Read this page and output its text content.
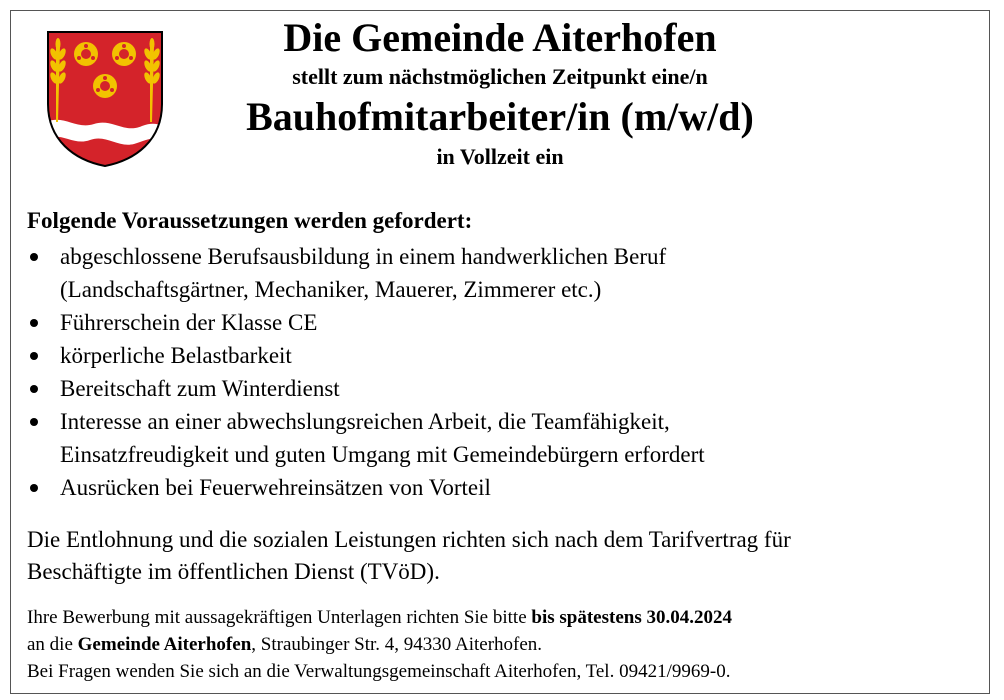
Die Gemeinde Aiterhofen

stellt zum nächstmöglichen Zeitpunkt eine/n

Bauhofmitarbeiter/in (m/w/d)

in Vollzeit ein

Folgende Voraussetzungen werden gefordert:

abgeschlossene Berufsausbildung in einem handwerklichen Beruf
(Landschaftsgärtner, Mechaniker, Mauerer, Zimmerer etc.)
Führerschein der Klasse CE
körperliche Belastbarkeit
Bereitschaft zum Winterdienst
Interesse an einer abwechslungsreichen Arbeit, die Teamfähigkeit,
Einsatzfreudigkeit und guten Umgang mit Gemeindebürgern erfordert
Ausrücken bei Feuerwehreinsätzen von Vorteil

Die Entlohnung und die sozialen Leistungen richten sich nach dem Tarifvertrag für
Beschäftigte im öffentlichen Dienst (TVöD).

Ihre Bewerbung mit aussagekräftigen Unterlagen richten Sie bitte bis spätestens 30.04.2024
an die Gemeinde Aiterhofen, Straubinger Str. 4, 94330 Aiterhofen.
Bei Fragen wenden Sie sich an die Verwaltungsgemeinschaft Aiterhofen, Tel. 09421/9969-0.
